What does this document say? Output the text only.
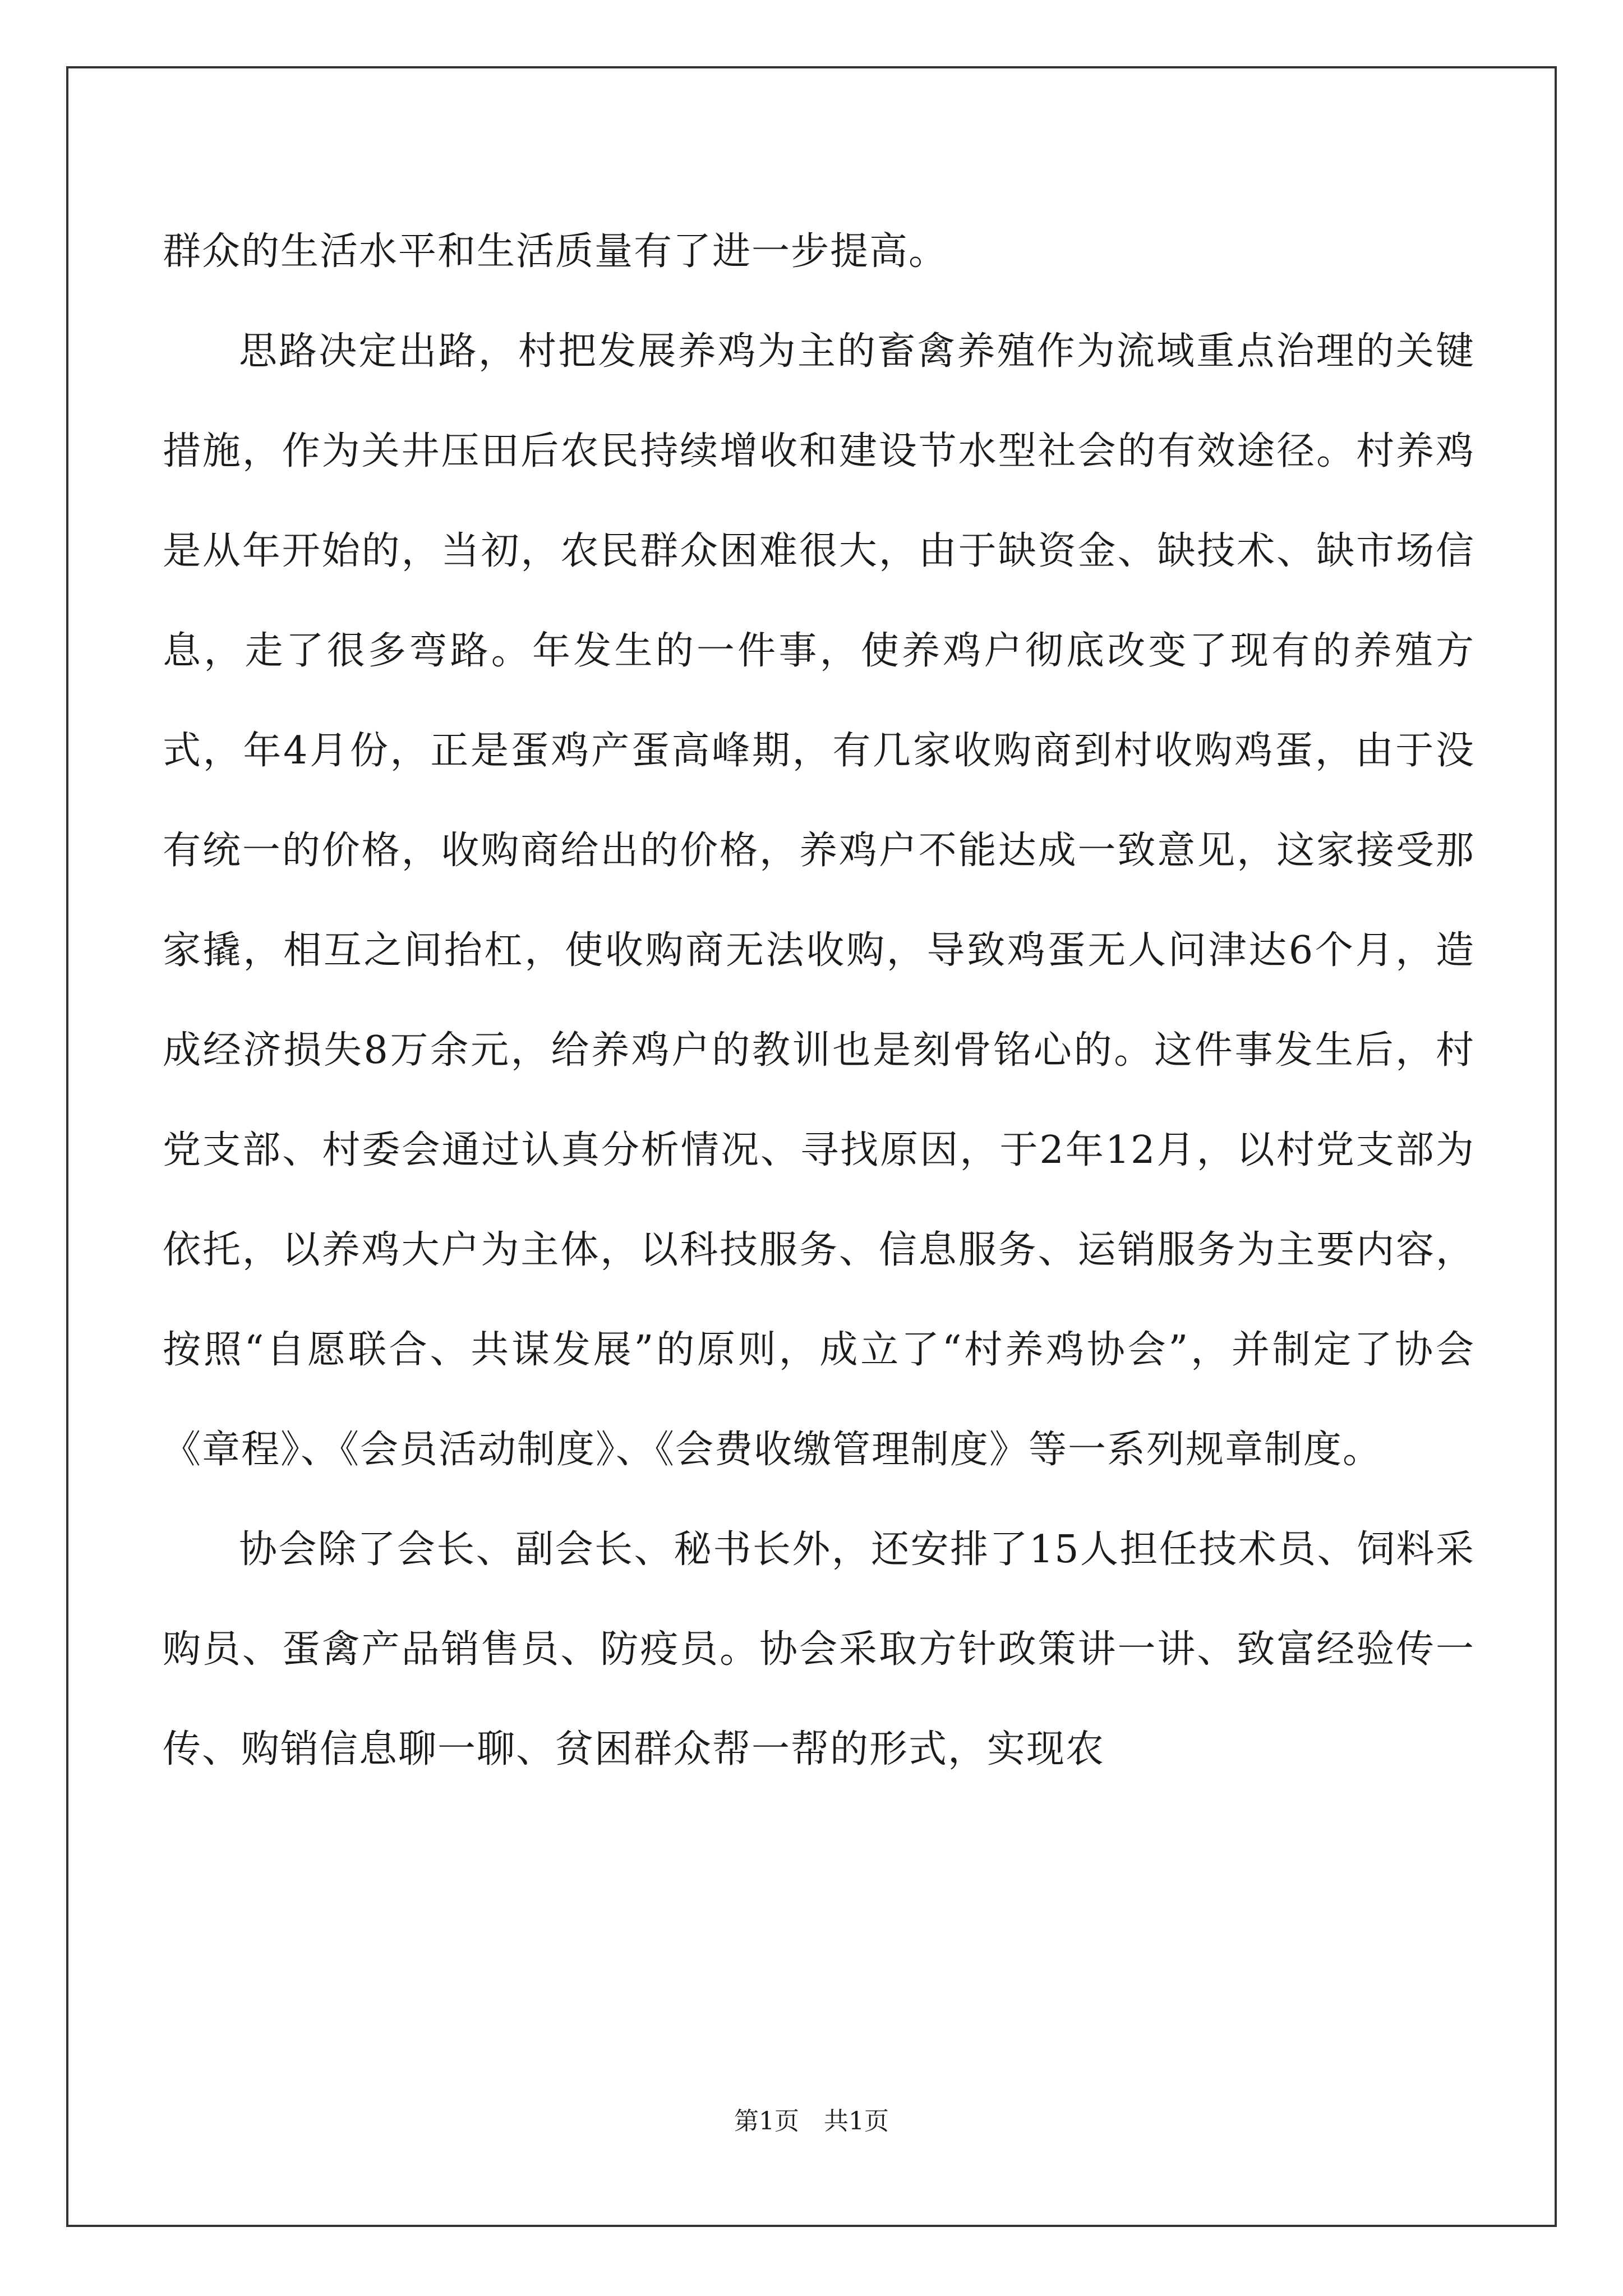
群众的生活水平和生活质量有了进一步提高。

思路决定出路，村把发展养鸡为主的畜禽养殖作为流域重点治理的关键措施，作为关井压田后农民持续增收和建设节水型社会的有效途径。村养鸡是从年开始的，当初，农民群众困难很大，由于缺资金、缺技术、缺市场信息，走了很多弯路。年发生的一件事，使养鸡户彻底改变了现有的养殖方式，年4月份，正是蛋鸡产蛋高峰期，有几家收购商到村收购鸡蛋，由于没有统一的价格，收购商给出的价格，养鸡户不能达成一致意见，这家接受那家撬，相互之间抬杠，使收购商无法收购，导致鸡蛋无人问津达6个月，造成经济损失8万余元，给养鸡户的教训也是刻骨铭心的。这件事发生后，村党支部、村委会通过认真分析情况、寻找原因，于2年12月，以村党支部为依托，以养鸡大户为主体，以科技服务、信息服务、运销服务为主要内容，按照“自愿联合、共谋发展”的原则，成立了“村养鸡协会”，并制定了协会《章程》、《会员活动制度》、《会费收缴管理制度》等一系列规章制度。

协会除了会长、副会长、秘书长外，还安排了15人担任技术员、饲料采购员、蛋禽产品销售员、防疫员。协会采取方针政策讲一讲、致富经验传一传、购销信息聊一聊、贫困群众帮一帮的形式，实现农

第1页 共1页
